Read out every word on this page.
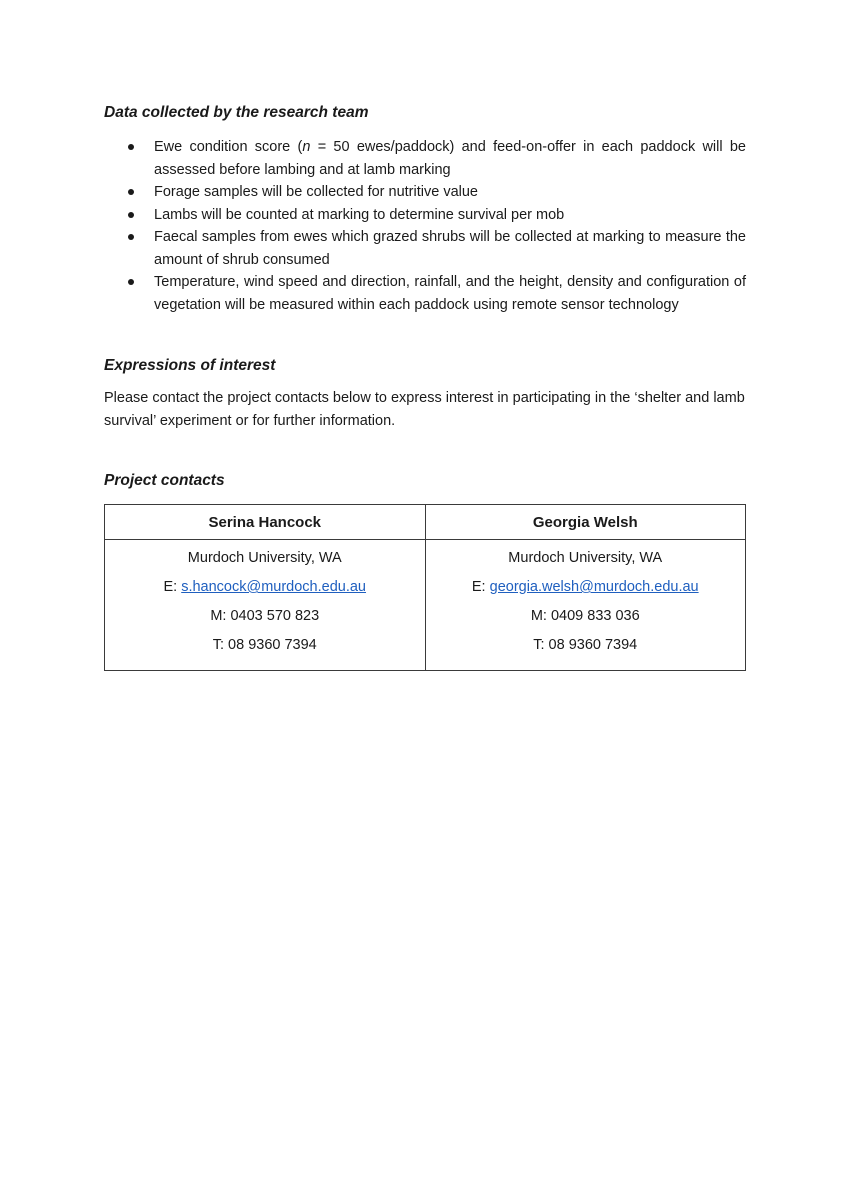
Data collected by the research team
Ewe condition score (n = 50 ewes/paddock) and feed-on-offer in each paddock will be assessed before lambing and at lamb marking
Forage samples will be collected for nutritive value
Lambs will be counted at marking to determine survival per mob
Faecal samples from ewes which grazed shrubs will be collected at marking to measure the amount of shrub consumed
Temperature, wind speed and direction, rainfall, and the height, density and configuration of vegetation will be measured within each paddock using remote sensor technology
Expressions of interest

Please contact the project contacts below to express interest in participating in the ‘shelter and lamb survival’ experiment or for further information.

Project contacts
Serina Hancock	Georgia Welsh

Murdoch University, WA
E: s.hancock@murdoch.edu.au
M: 0403 570 823
T: 08 9360 7394	Murdoch University, WA
E: georgia.welsh@murdoch.edu.au
M: 0409 833 036
T: 08 9360 7394
